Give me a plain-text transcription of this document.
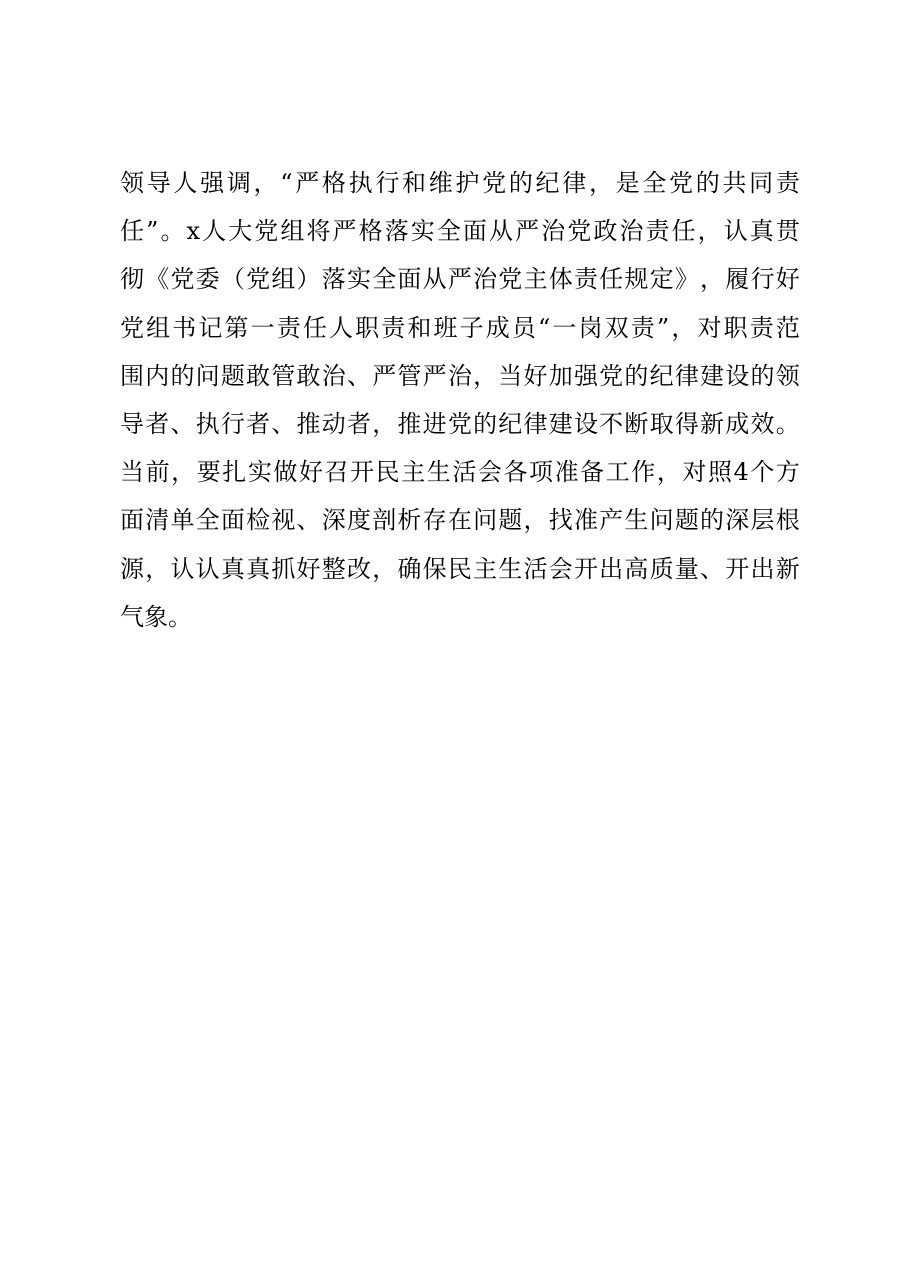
领 导 人 强 调 ， “ 严 格 执 行 和 维 护 党 的 纪 律 ， 是 全 党 的 共 同 责
任 ” 。 x 人 大 党 组 将 严 格 落 实 全 面 从 严 治 党 政 治 责 任 ， 认 真 贯
彻 《 党 委 （ 党 组 ） 落 实 全 面 从 严 治 党 主 体 责 任 规 定 》 ， 履 行 好
党 组 书 记 第 一 责 任 人 职 责 和 班 子 成 员 “ 一 岗 双 责 ” ， 对 职 责 范
围 内 的 问 题 敢 管 敢 治 、 严 管 严 治 ， 当 好 加 强 党 的 纪 律 建 设 的 领
导 者 、 执 行 者 、 推 动 者 ， 推 进 党 的 纪 律 建 设 不 断 取 得 新 成 效 。
当 前 ， 要 扎 实 做 好 召 开 民 主 生 活 会 各 项 准 备 工 作 ， 对 照 4 个 方
面 清 单 全 面 检 视 、 深 度 剖 析 存 在 问 题 ， 找 准 产 生 问 题 的 深 层 根
源 ， 认 认 真 真 抓 好 整 改 ， 确 保 民 主 生 活 会 开 出 高 质 量 、 开 出 新
气象。
